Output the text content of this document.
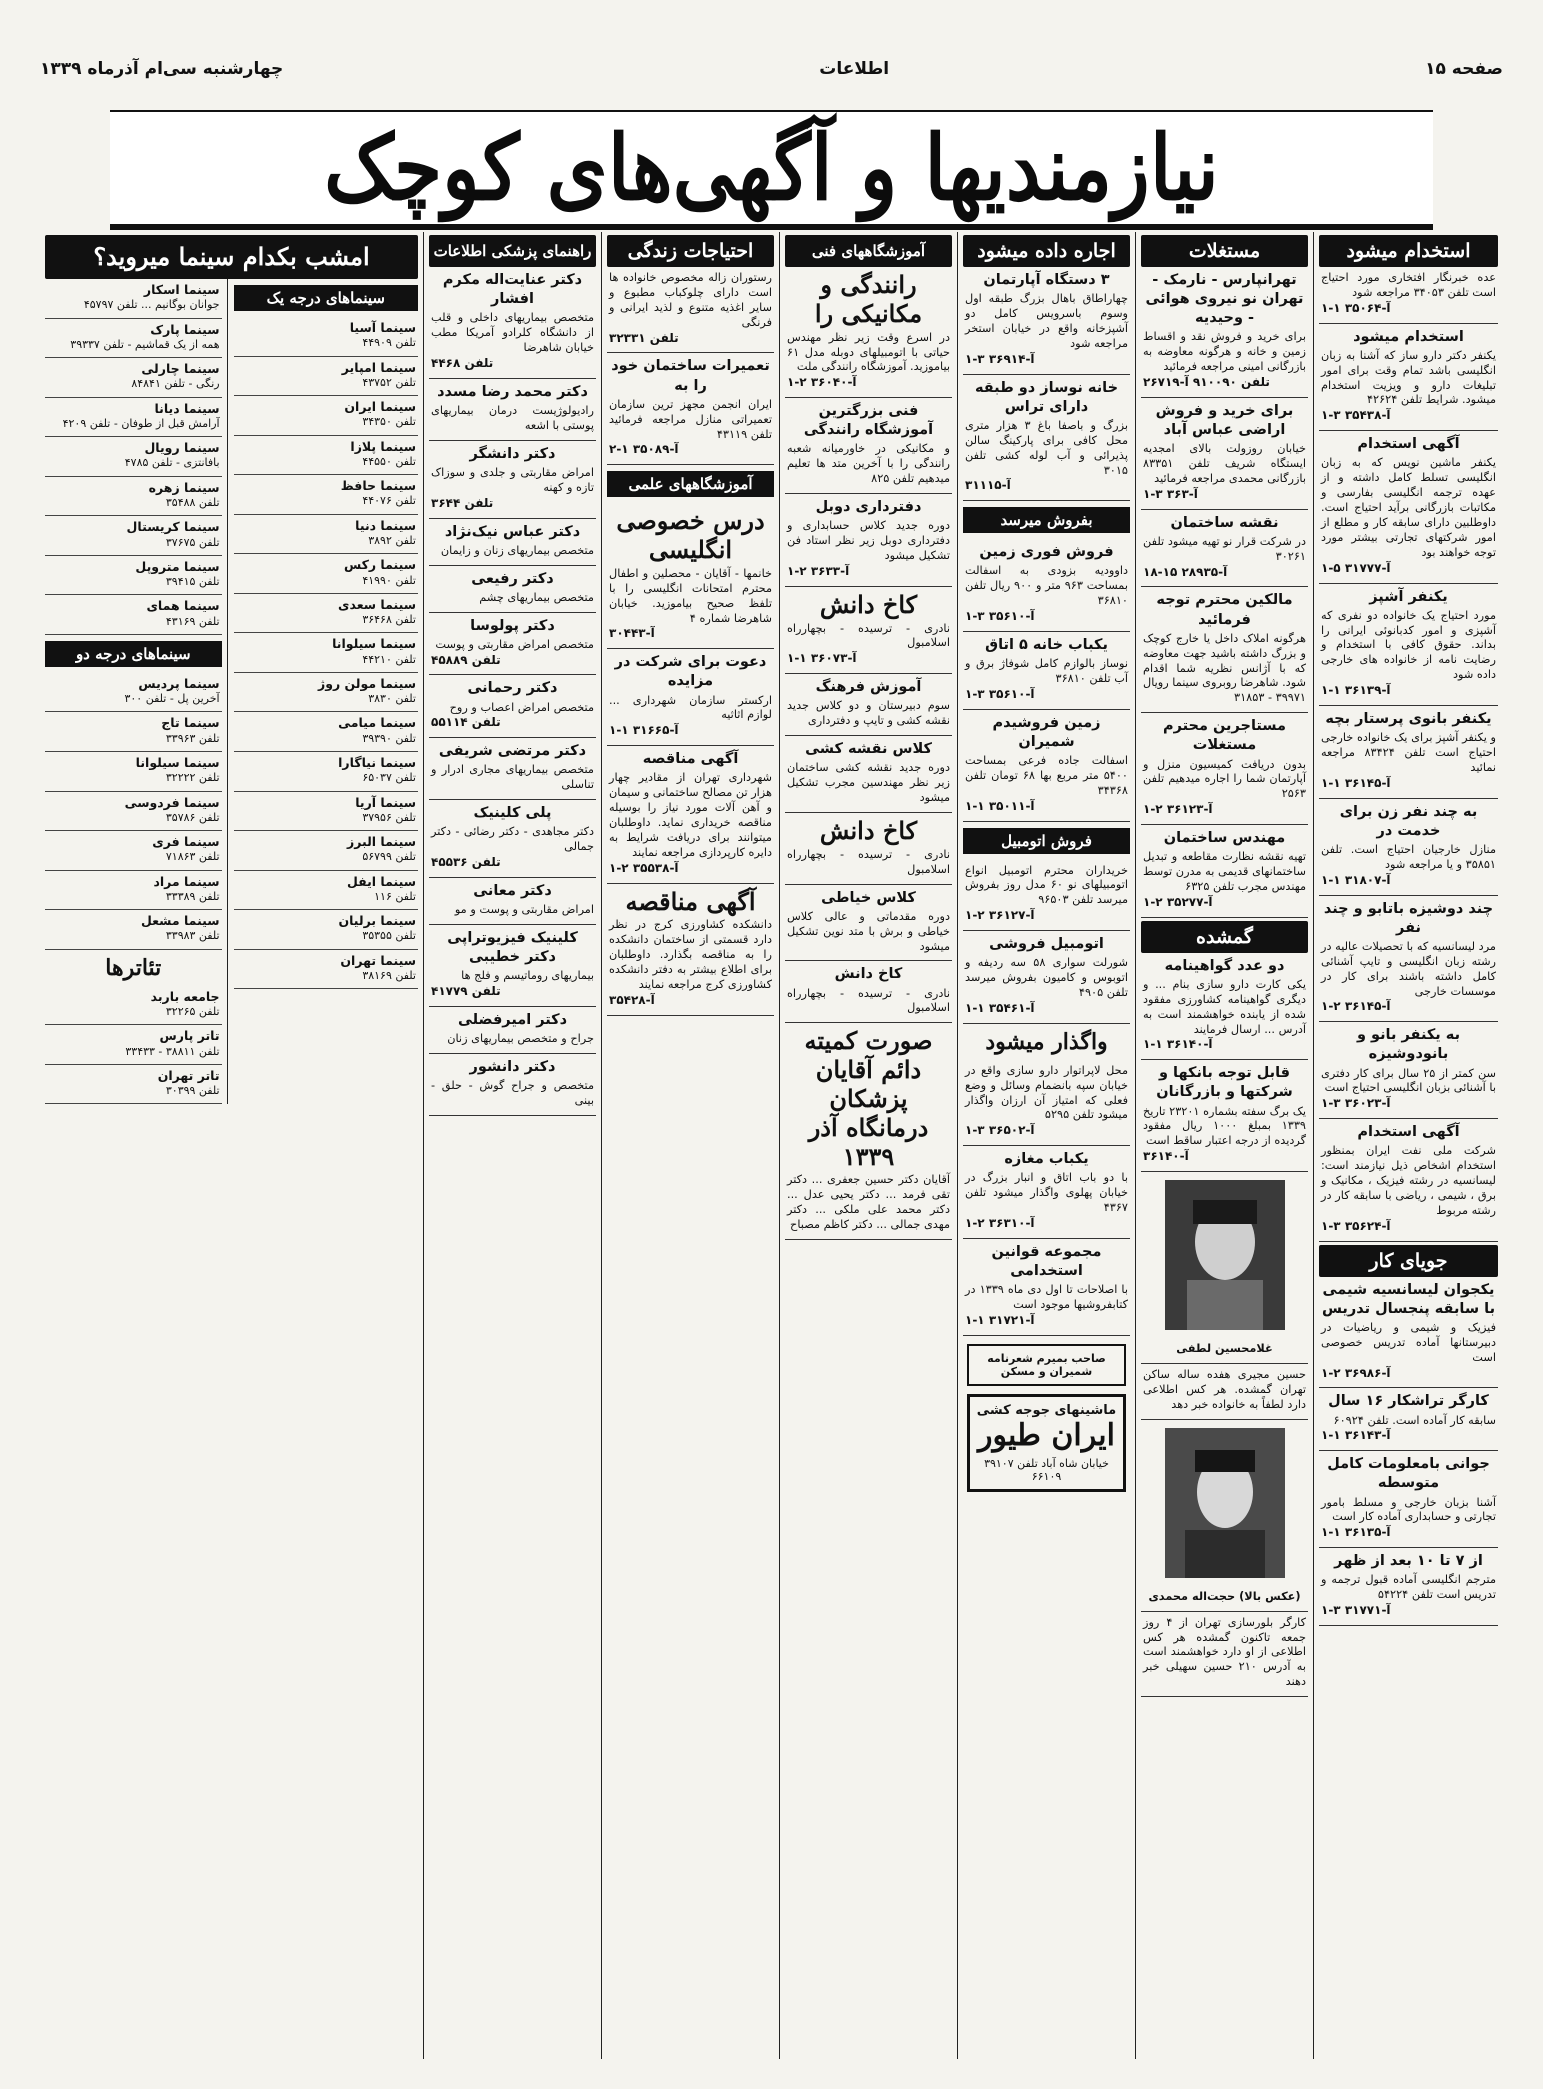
صفحه ۱۵
اطلاعات
چهارشنبه سی‌ام آذرماه ۱۳۳۹
نیازمندیها و آگهی‌های کوچک
استخدام میشود
عده خبرنگار افتخاری مورد احتیاج است تلفن ۳۴۰۵۳ مراجعه شود
۱-۱ آ-۳۵۰۶۴
استخدام میشود
یکنفر دکتر دارو ساز که آشنا به زبان انگلیسی باشد تمام وقت برای امور تبلیغات دارو و ویزیت استخدام میشود. شرایط تلفن ۴۲۶۲۴
۱-۳ آ-۳۵۴۳۸
آگهی استخدام
یکنفر ماشین نویس که به زبان انگلیسی تسلط کامل داشته و از عهده ترجمه انگلیسی بفارسی و مکاتبات بازرگانی برآید احتیاج است. داوطلبین دارای سابقه کار و مطلع از امور شرکتهای تجارتی بیشتر مورد توجه خواهند بود
۱-۵ آ-۳۱۷۷۷
یکنفر آشپز
مورد احتیاج یک خانواده دو نفری که آشپزی و امور کدبانوئی ایرانی را بداند. حقوق کافی با استخدام و رضایت نامه از خانواده های خارجی داده شود
۱-۱ آ-۳۶۱۳۹
یکنفر بانوی پرستار بچه
و یکنفر آشپز برای یک خانواده خارجی احتیاج است تلفن ۸۳۴۲۴ مراجعه نمائید
۱-۱ آ-۳۶۱۴۵
به چند نفر زن برای خدمت در
منازل خارجیان احتیاج است. تلفن ۳۵۸۵۱ و یا مراجعه شود
۱-۱ آ-۳۱۸۰۷
چند دوشیزه باتابو و چند نفر
مرد لیسانسیه که با تحصیلات عالیه در رشته زبان انگلیسی و تایپ آشنائی کامل داشته باشند برای کار در موسسات خارجی
۱-۲ آ-۳۶۱۴۵
به یکنفر بانو و بانودوشیزه
سن کمتر از ۲۵ سال برای کار دفتری با آشنائی بزبان انگلیسی احتیاج است
۱-۳ آ-۳۶۰۲۳
آگهی استخدام
شرکت ملی نفت ایران بمنظور استخدام اشخاص ذیل نیازمند است: لیسانسیه در رشته فیزیک ، مکانیک و برق ، شیمی ، ریاضی با سابقه کار در رشته مربوط
۱-۳ آ-۳۵۶۲۴
جویای کار
یکجوان لیسانسیه شیمی با سابقه پنجسال تدریس
فیزیک و شیمی و ریاضیات در دبیرستانها آماده تدریس خصوصی است
۱-۲ آ-۳۶۹۸۶
کارگر تراشکار ۱۶ سال
سابقه کار آماده است. تلفن ۶۰۹۲۴
۱-۱ آ-۳۶۱۴۳
جوانی بامعلومات کامل متوسطه
آشنا بزبان خارجی و مسلط بامور تجارتی و حسابداری آماده کار است
۱-۱ آ-۳۶۱۳۵
از ۷ تا ۱۰ بعد از ظهر
مترجم انگلیسی آماده قبول ترجمه و تدریس است تلفن ۵۴۲۲۴
۱-۳ آ-۳۱۷۷۱
مستغلات
تهرانپارس - نارمک - تهران نو نیروی هوائی - وحیدیه
برای خرید و فروش نقد و اقساط زمین و خانه و هرگونه معاوضه به بازرگانی امینی مراجعه فرمائید
تلفن ۹۱۰۰۹۰ آ-۲۶۷۱۹
برای خرید و فروش اراضی عباس آباد
خیابان روزولت بالای امجدیه ایستگاه شریف تلفن ۸۳۳۵۱ بازرگانی محمدی مراجعه فرمائید
۱-۳ آ-۳۶۳
نقشه ساختمان
در شرکت قرار نو تهیه میشود تلفن ۳۰۲۶۱
آ-۲۸۹۳۵ ۱۵-۱۸
مالکین محترم توجه فرمائید
هرگونه املاک داخل یا خارج کوچک و بزرگ داشته باشید جهت معاوضه که با آژانس نظریه شما اقدام شود. شاهرضا روبروی سینما رویال ۳۹۹۷۱ - ۳۱۸۵۳
مستاجرین محترم مستغلات
بدون دریافت کمیسیون منزل و آپارتمان شما را اجاره میدهیم تلفن ۲۵۶۳
۱-۲ آ-۳۶۱۲۳
مهندس ساختمان
تهیه نقشه نظارت مقاطعه و تبدیل ساختمانهای قدیمی به مدرن توسط مهندس مجرب تلفن ۶۳۲۵
۱-۲ آ-۳۵۲۷۷
گمشده
دو عدد گواهینامه
یکی کارت دارو سازی بنام ... و دیگری گواهینامه کشاورزی مفقود شده از یابنده خواهشمند است به آدرس ... ارسال فرمایند
۱-۱ آ-۳۶۱۴۰
قابل توجه بانکها و شرکتها و بازرگانان
یک برگ سفته بشماره ۲۳۲۰۱ تاریخ ۱۳۳۹ بمبلغ ۱۰۰۰ ریال مفقود گردیده از درجه اعتبار ساقط است
آ-۳۶۱۴۰
غلامحسین لطفی
حسین مجیری هفده ساله ساکن تهران گمشده. هر کس اطلاعی دارد لطفاً به خانواده خبر دهد
(عکس بالا) حجت‌اله محمدی
کارگر بلورسازی تهران از ۴ روز جمعه تاکنون گمشده هر کس اطلاعی از او دارد خواهشمند است به آدرس ۲۱۰ حسین سهیلی خبر دهند
اجاره داده میشود
۳ دستگاه آپارتمان
چهاراطاق باهال بزرگ طبقه اول وسوم باسرویس کامل دو آشپزخانه واقع در خیابان استخر مراجعه شود
۱-۳ آ-۳۶۹۱۴
خانه نوساز دو طبقه دارای تراس
بزرگ و باصفا باغ ۳ هزار متری محل کافی برای پارکینگ سالن پذیرائی و آب لوله کشی تلفن ۳۰۱۵
آ-۳۱۱۱۵
بفروش میرسد
فروش فوری زمین
داوودیه بزودی به اسفالت بمساحت ۹۶۳ متر و ۹۰۰ ریال تلفن ۳۶۸۱۰
۱-۳ آ-۳۵۶۱۰
یکباب خانه ۵ اتاق
نوساز بالوازم کامل شوفاژ برق و آب تلفن ۳۶۸۱۰
۱-۳ آ-۳۵۶۱۰
زمین فروشیدم شمیران
اسفالت جاده فرعی بمساحت ۵۴۰۰ متر مربع بها ۶۸ تومان تلفن ۳۴۳۶۸
۱-۱ آ-۳۵۰۱۱
فروش اتومبیل
خریداران محترم اتومبیل انواع اتومبیلهای نو ۶۰ مدل روز بفروش میرسد تلفن ۹۶۵۰۳
۱-۲ آ-۳۶۱۲۷
اتومبیل فروشی
شورلت سواری ۵۸ سه ردیفه و اتوبوس و کامیون بفروش میرسد تلفن ۴۹۰۵
۱-۱ آ-۳۵۴۶۱
واگذار میشود
محل لاپراتوار دارو سازی واقع در خیابان سپه بانضمام وسائل و وضع فعلی که امتیاز آن ارزان واگذار میشود تلفن ۵۲۹۵
۱-۳ آ-۳۶۵۰۲
یکباب مغازه
با دو باب اتاق و انبار بزرگ در خیابان پهلوی واگذار میشود تلفن ۴۳۶۷
۱-۲ آ-۳۶۳۱۰
مجموعه قوانین استخدامی
با اصلاحات تا اول دی ماه ۱۳۳۹ در کتابفروشیها موجود است
۱-۱ آ-۳۱۷۲۱
صاحب بمیرم شعرنامه شمیران و مسکن
ماشینهای جوجه کشی
ایران طیور
خیابان شاه آباد تلفن ۳۹۱۰۷ ۶۶۱۰۹
آموزشگاههای فنی
رانندگی و مکانیکی را
در اسرع وقت زیر نظر مهندس حیاتی با اتومبیلهای دوبله مدل ۶۱ بیاموزید. آموزشگاه رانندگی ملت
۱-۲ آ-۳۶۰۴۰
فنی بزرگترین آموزشگاه رانندگی
و مکانیکی در خاورمیانه شعبه رانندگی را با آخرین متد ها تعلیم میدهیم تلفن ۸۲۵
دفترداری دوبل
دوره جدید کلاس حسابداری و دفترداری دوبل زیر نظر استاد فن تشکیل میشود
۱-۲ آ-۳۶۳۳
کاخ دانش
نادری - ترسیده - بچهارراه اسلامبول
۱-۱ آ-۳۶۰۷۳
آموزش فرهنگ
سوم دبیرستان و دو کلاس جدید نقشه کشی و تایپ و دفترداری
کلاس نقشه کشی
دوره جدید نقشه کشی ساختمان زیر نظر مهندسین مجرب تشکیل میشود
کاخ دانش
نادری - ترسیده - بچهارراه اسلامبول
کلاس خیاطی
دوره مقدماتی و عالی کلاس خیاطی و برش با متد نوین تشکیل میشود
کاخ دانش
نادری - ترسیده - بچهارراه اسلامبول
صورت کمیته دائم آقایان پزشکان درمانگاه آذر ۱۳۳۹
آقایان دکتر حسین جعفری ... دکتر تقی فرمد ... دکتر یحیی عدل ... دکتر محمد علی ملکی ... دکتر مهدی جمالی ... دکتر کاظم مصباح
احتیاجات زندگی
رستوران زاله مخصوص خانواده ها است دارای چلوکباب مطبوع و سایر اغذیه متنوع و لذید ایرانی و فرنگی
تلفن ۳۲۳۳۱
تعمیرات ساختمان خود را به
ایران انجمن مجهز ترین سازمان تعمیراتی منازل مراجعه فرمائید تلفن ۴۳۱۱۹
۲-۱ آ-۳۵۰۸۹
آموزشگاههای علمی
درس خصوصی انگلیسی
خانمها - آقایان - محصلین و اطفال محترم امتحانات انگلیسی را با تلفظ صحیح بیاموزید. خیابان شاهرضا شماره ۴
آ-۳۰۴۴۳
دعوت برای شرکت در مزایده
ارکستر سازمان شهرداری ... لوازم اثاثیه
۱-۱ آ-۳۱۶۶۵
آگهی مناقصه
شهرداری تهران از مقادیر چهار هزار تن مصالح ساختمانی و سیمان و آهن آلات مورد نیاز را بوسیله مناقصه خریداری نماید. داوطلبان میتوانند برای دریافت شرایط به دایره کارپردازی مراجعه نمایند
۱-۲ آ-۳۵۵۳۸
آگهی مناقصه
دانشکده کشاورزی کرج در نظر دارد قسمتی از ساختمان دانشکده را به مناقصه بگذارد. داوطلبان برای اطلاع بیشتر به دفتر دانشکده کشاورزی کرج مراجعه نمایند
آ-۳۵۴۲۸
راهنمای پزشکی اطلاعات
دکتر عنایت‌اله مکرم افشار
متخصص بیماریهای داخلی و قلب از دانشگاه کلرادو آمریکا مطب خیابان شاهرضا
تلفن ۴۴۶۸
دکتر محمد رضا مسدد
رادیولوژیست درمان بیماریهای پوستی با اشعه
دکتر دانشگر
امراض مقاربتی و جلدی و سوزاک تازه و کهنه
تلفن ۳۶۴۴
دکتر عباس نیک‌نژاد
متخصص بیماریهای زنان و زایمان
دکتر رفیعی
متخصص بیماریهای چشم
دکتر پولوسا
متخصص امراض مقاربتی و پوست
تلفن ۴۵۸۸۹
دکتر رحمانی
متخصص امراض اعصاب و روح
تلفن ۵۵۱۱۴
دکتر مرتضی شریفی
متخصص بیماریهای مجاری ادرار و تناسلی
پلی کلینیک
دکتر مجاهدی - دکتر رضائی - دکتر جمالی
تلفن ۴۵۵۳۶
دکتر معانی
امراض مقاربتی و پوست و مو
کلینیک فیزیوتراپی دکتر خطیبی
بیماریهای روماتیسم و فلج ها
تلفن ۴۱۷۷۹
دکتر امیرفضلی
جراح و متخصص بیماریهای زنان
دکتر دانشور
متخصص و جراح گوش - حلق - بینی
امشب بکدام سینما میروید؟
سینماهای درجه یک
سینما آسیا
تلفن ۴۴۹۰۹
سینما امپایر
تلفن ۴۳۷۵۲
سینما ایران
تلفن ۳۴۳۵۰
سینما پلازا
تلفن ۴۴۵۵۰
سینما حافظ
تلفن ۴۴۰۷۶
سینما دنیا
تلفن ۳۸۹۲
سینما رکس
تلفن ۴۱۹۹۰
سینما سعدی
تلفن ۳۶۴۶۸
سینما سیلوانا
تلفن ۴۴۲۱۰
سینما مولن روژ
تلفن ۳۸۳۰
سینما میامی
تلفن ۳۹۳۹۰
سینما نیاگارا
تلفن ۶۵۰۳۷
سینما آریا
تلفن ۳۷۹۵۶
سینما البرز
تلفن ۵۶۷۹۹
سینما ایفل
تلفن ۱۱۶
سینما برلیان
تلفن ۳۵۳۵۵
سینما تهران
تلفن ۳۸۱۶۹
سینما اسکار
جوانان بوگانیم ... تلفن ۴۵۷۹۷
سینما پارک
همه از یک قماشیم - تلفن ۳۹۳۳۷
سینما چارلی
رنگی - تلفن ۸۴۸۴۱
سینما دیانا
آرامش قبل از طوفان - تلفن ۴۲۰۹
سینما رویال
بافانتزی - تلفن ۴۷۸۵
سینما زهره
تلفن ۳۵۴۸۸
سینما کریستال
تلفن ۳۷۶۷۵
سینما متروپل
تلفن ۳۹۴۱۵
سینما همای
تلفن ۴۳۱۶۹
سینماهای درجه دو
سینما پردیس
آخرین پل - تلفن ۳۰۰
سینما تاج
تلفن ۳۳۹۶۳
سینما سیلوانا
تلفن ۳۲۲۲۲
سینما فردوسی
تلفن ۳۵۷۸۶
سینما فری
تلفن ۷۱۸۶۳
سینما مراد
تلفن ۳۳۳۸۹
سینما مشعل
تلفن ۳۳۹۸۳
تئاترها
جامعه باربد
تلفن ۳۲۲۶۵
تاتر پارس
تلفن ۳۸۸۱۱ - ۳۳۴۳۳
تاتر تهران
تلفن ۳۰۳۹۹
